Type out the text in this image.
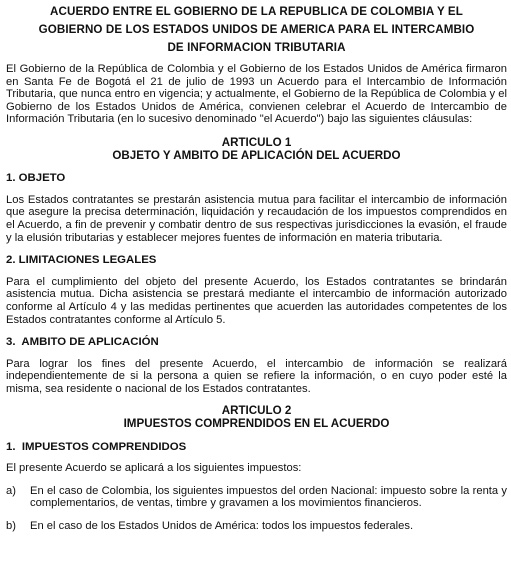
ACUERDO ENTRE EL GOBIERNO DE LA REPUBLICA DE COLOMBIA Y EL
GOBIERNO DE LOS ESTADOS UNIDOS DE AMERICA PARA EL INTERCAMBIO
DE INFORMACION TRIBUTARIA

El Gobierno de la República de Colombia y el Gobierno de los Estados Unidos de América firmaron en Santa Fe de Bogotá el 21 de julio de 1993 un Acuerdo para el Intercambio de Información Tributaria, que nunca entro en vigencia; y actualmente, el Gobierno de la República de Colombia y el Gobierno de los Estados Unidos de América, convienen celebrar el Acuerdo de Intercambio de Información Tributaria (en lo sucesivo denominado "el Acuerdo") bajo las siguientes cláusulas:

ARTICULO 1
OBJETO Y AMBITO DE APLICACIÓN DEL ACUERDO
1. OBJETO

Los Estados contratantes se prestarán asistencia mutua para facilitar el intercambio de información que asegure la precisa determinación, liquidación y recaudación de los impuestos comprendidos en el Acuerdo, a fin de prevenir y combatir dentro de sus respectivas jurisdicciones la evasión, el fraude y la elusión tributarias y establecer mejores fuentes de información en materia tributaria.

2. LIMITACIONES LEGALES

Para el cumplimiento del objeto del presente Acuerdo, los Estados contratantes se brindarán asistencia mutua. Dicha asistencia se prestará mediante el intercambio de información autorizado conforme al Artículo 4 y las medidas pertinentes que acuerden las autoridades competentes de los Estados contratantes conforme al Artículo 5.

3.  AMBITO DE APLICACIÓN

Para lograr los fines del presente Acuerdo, el intercambio de información se realizará independientemente de si la persona a quien se refiere la información, o en cuyo poder esté la misma, sea residente o nacional de los Estados contratantes.

ARTICULO 2
IMPUESTOS COMPRENDIDOS EN EL ACUERDO
1.  IMPUESTOS COMPRENDIDOS

El presente Acuerdo se aplicará a los siguientes impuestos:

a)	En el caso de Colombia, los siguientes impuestos del orden Nacional: impuesto sobre la renta y complementarios, de ventas, timbre y gravamen a los movimientos financieros.
b)	En el caso de los Estados Unidos de América: todos los impuestos federales.
